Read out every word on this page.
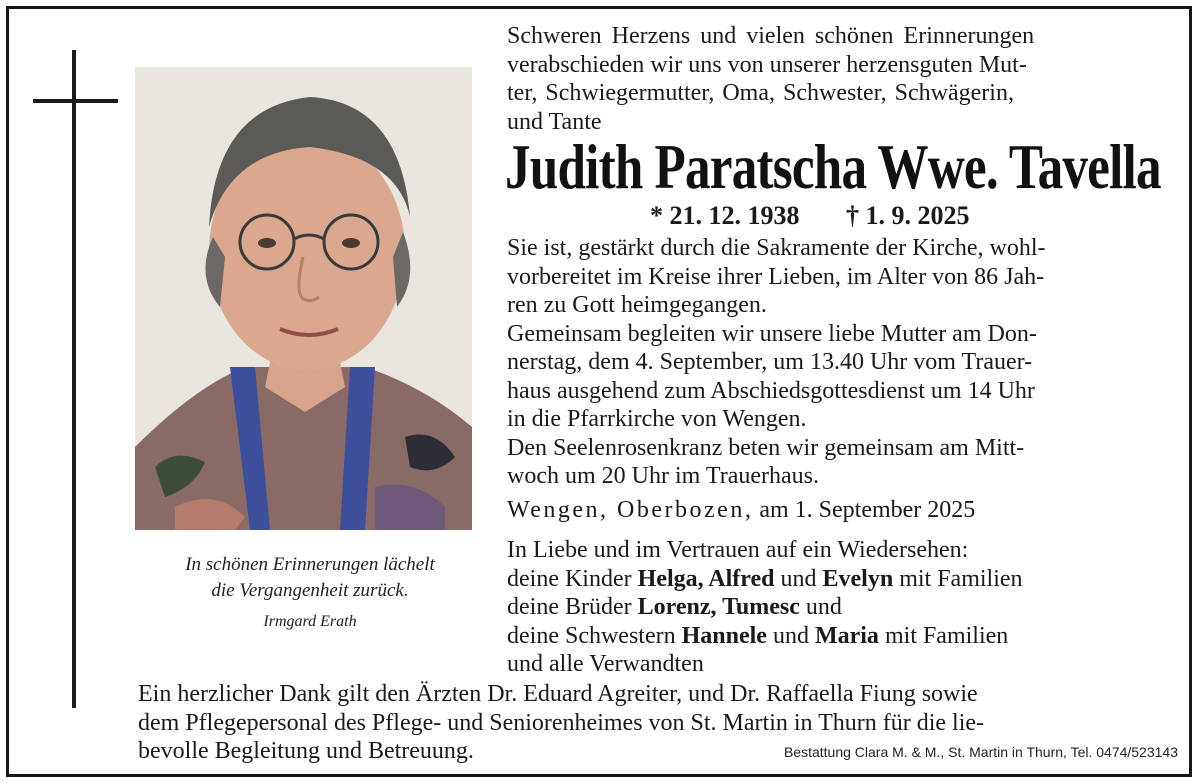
In schönen Erinnerungen lächelt
die Vergangenheit zurück.
Irmgard Erath
Schweren Herzens und vielen schönen Erinnerungen
verabschieden wir uns von unserer herzensguten Mut-
ter, Schwiegermutter, Oma, Schwester, Schwägerin,
und Tante
Judith Paratscha Wwe. Tavella
* 21. 12. 1938 † 1. 9. 2025
Sie ist, gestärkt durch die Sakramente der Kirche, wohl-
vorbereitet im Kreise ihrer Lieben, im Alter von 86 Jah-
ren zu Gott heimgegangen.
Gemeinsam begleiten wir unsere liebe Mutter am Don-
nerstag, dem 4. September, um 13.40 Uhr vom Trauer-
haus ausgehend zum Abschiedsgottesdienst um 14 Uhr
in die Pfarrkirche von Wengen.
Den Seelenrosenkranz beten wir gemeinsam am Mitt-
woch um 20 Uhr im Trauerhaus.
Wengen, Oberbozen, am 1. September 2025
In Liebe und im Vertrauen auf ein Wiedersehen:
deine Kinder Helga, Alfred und Evelyn mit Familien
deine Brüder Lorenz, Tumesc und
deine Schwestern Hannele und Maria mit Familien
und alle Verwandten
Ein herzlicher Dank gilt den Ärzten Dr. Eduard Agreiter, und Dr. Raffaella Fiung sowie
dem Pflegepersonal des Pflege- und Seniorenheimes von St. Martin in Thurn für die lie-
bevolle Begleitung und Betreuung.	Bestattung Clara M. & M., St. Martin in Thurn, Tel. 0474/523143
